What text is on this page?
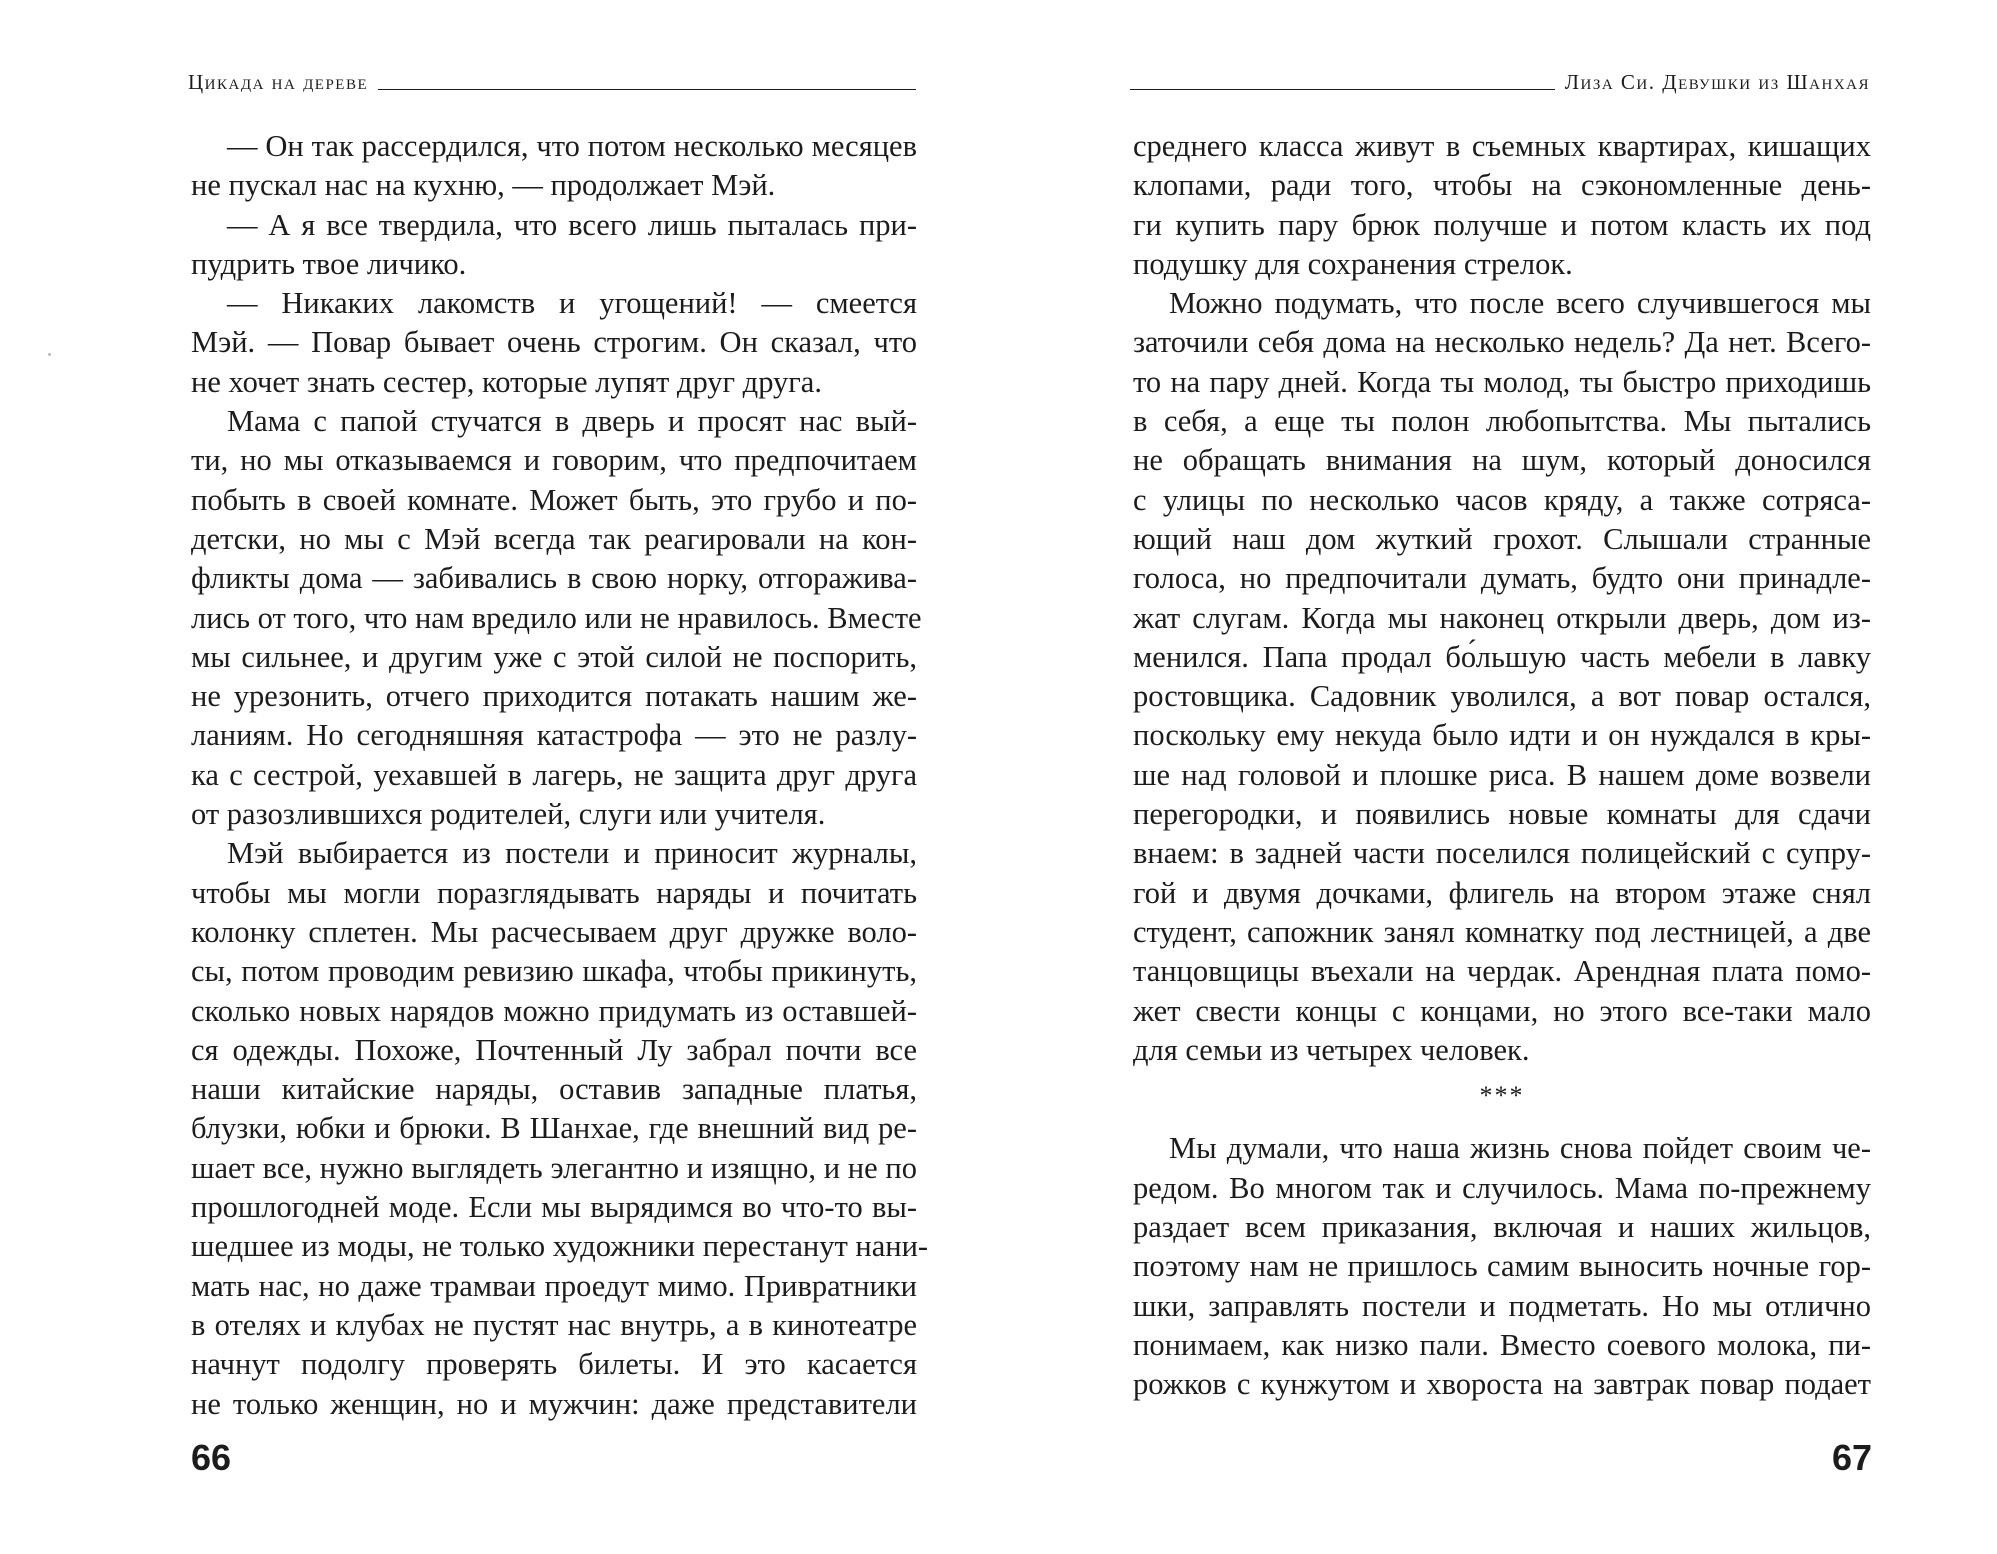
Цикада на дереве
— Он так рассердился, что потом несколько месяцев
не пускал нас на кухню, — продолжает Мэй.
— А я все твердила, что всего лишь пыталась при-
пудрить твое личико.
— Никаких лакомств и угощений! — смеется
Мэй. — Повар бывает очень строгим. Он сказал, что
не хочет знать сестер, которые лупят друг друга.
Мама с папой стучатся в дверь и просят нас вый-
ти, но мы отказываемся и говорим, что предпочитаем
побыть в своей комнате. Может быть, это грубо и по-
детски, но мы с Мэй всегда так реагировали на кон-
фликты дома — забивались в свою норку, отгоражива-
лись от того, что нам вредило или не нравилось. Вместе
мы сильнее, и другим уже с этой силой не поспорить,
не урезонить, отчего приходится потакать нашим же-
ланиям. Но сегодняшняя катастрофа — это не разлу-
ка с сестрой, уехавшей в лагерь, не защита друг друга
от разозлившихся родителей, слуги или учителя.
Мэй выбирается из постели и приносит журналы,
чтобы мы могли поразглядывать наряды и почитать
колонку сплетен. Мы расчесываем друг дружке воло-
сы, потом проводим ревизию шкафа, чтобы прикинуть,
сколько новых нарядов можно придумать из оставшей-
ся одежды. Похоже, Почтенный Лу забрал почти все
наши китайские наряды, оставив западные платья,
блузки, юбки и брюки. В Шанхае, где внешний вид ре-
шает все, нужно выглядеть элегантно и изящно, и не по
прошлогодней моде. Если мы вырядимся во что-то вы-
шедшее из моды, не только художники перестанут нани-
мать нас, но даже трамваи проедут мимо. Привратники
в отелях и клубах не пустят нас внутрь, а в кинотеатре
начнут подолгу проверять билеты. И это касается
не только женщин, но и мужчин: даже представители
66
Лиза Си. Девушки из Шанхая
среднего класса живут в съемных квартирах, кишащих
клопами, ради того, чтобы на сэкономленные день-
ги купить пару брюк получше и потом класть их под
подушку для сохранения стрелок.
Можно подумать, что после всего случившегося мы
заточили себя дома на несколько недель? Да нет. Всего-
то на пару дней. Когда ты молод, ты быстро приходишь
в себя, а еще ты полон любопытства. Мы пытались
не обращать внимания на шум, который доносился
с улицы по несколько часов кряду, а также сотряса-
ющий наш дом жуткий грохот. Слышали странные
голоса, но предпочитали думать, будто они принадле-
жат слугам. Когда мы наконец открыли дверь, дом из-
менился. Папа продал бо́льшую часть мебели в лавку
ростовщика. Садовник уволился, а вот повар остался,
поскольку ему некуда было идти и он нуждался в кры-
ше над головой и плошке риса. В нашем доме возвели
перегородки, и появились новые комнаты для сдачи
внаем: в задней части поселился полицейский с супру-
гой и двумя дочками, флигель на втором этаже снял
студент, сапожник занял комнатку под лестницей, а две
танцовщицы въехали на чердак. Арендная плата помо-
жет свести концы с концами, но этого все-таки мало
для семьи из четырех человек.
***
Мы думали, что наша жизнь снова пойдет своим че-
редом. Во многом так и случилось. Мама по-прежнему
раздает всем приказания, включая и наших жильцов,
поэтому нам не пришлось самим выносить ночные гор-
шки, заправлять постели и подметать. Но мы отлично
понимаем, как низко пали. Вместо соевого молока, пи-
рожков с кунжутом и хвороста на завтрак повар подает
67
